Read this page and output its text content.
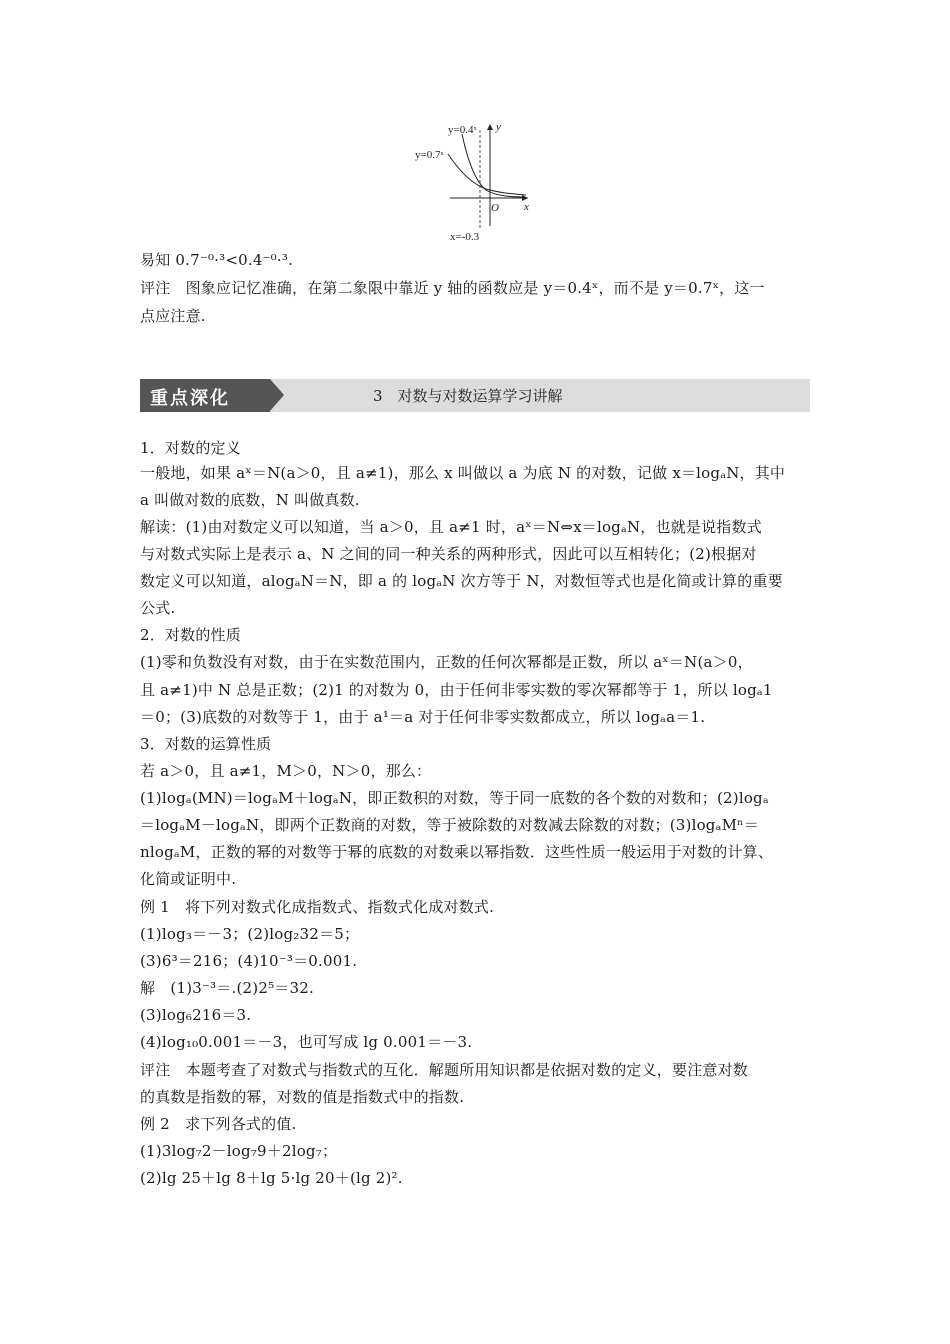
y=0.4ˣ
y=0.7ˣ
y
x
O
x=-0.3
易知 0.7⁻⁰·³<0.4⁻⁰·³.
评注　图象应记忆准确，在第二象限中靠近 y 轴的函数应是 y＝0.4ˣ，而不是 y＝0.7ˣ，这一
点应注意.
重点深化	3　对数与对数运算学习讲解
1．对数的定义
一般地，如果 aˣ＝N(a＞0，且 a≠1)，那么 x 叫做以 a 为底 N 的对数，记做 x＝logₐN，其中
a 叫做对数的底数，N 叫做真数.
解读：(1)由对数定义可以知道，当 a＞0，且 a≠1 时，aˣ＝N⇔x＝logₐN，也就是说指数式
与对数式实际上是表示 a、N 之间的同一种关系的两种形式，因此可以互相转化；(2)根据对
数定义可以知道，alogₐN＝N，即 a 的 logₐN 次方等于 N，对数恒等式也是化简或计算的重要
公式.
2．对数的性质
(1)零和负数没有对数，由于在实数范围内，正数的任何次幂都是正数，所以 aˣ＝N(a＞0，
且 a≠1)中 N 总是正数；(2)1 的对数为 0，由于任何非零实数的零次幂都等于 1，所以 logₐ1
＝0；(3)底数的对数等于 1，由于 a¹＝a 对于任何非零实数都成立，所以 logₐa＝1.
3．对数的运算性质
若 a＞0，且 a≠1，M＞0，N＞0，那么：
(1)logₐ(MN)＝logₐM＋logₐN，即正数积的对数，等于同一底数的各个数的对数和；(2)logₐ
＝logₐM－logₐN，即两个正数商的对数，等于被除数的对数减去除数的对数；(3)logₐMⁿ＝
nlogₐM，正数的幂的对数等于幂的底数的对数乘以幂指数．这些性质一般运用于对数的计算、
化简或证明中.
例 1　将下列对数式化成指数式、指数式化成对数式.
(1)log₃＝－3；(2)log₂32＝5；
(3)6³＝216；(4)10⁻³＝0.001.
解　(1)3⁻³＝.(2)2⁵＝32.
(3)log₆216＝3.
(4)log₁₀0.001＝－3，也可写成 lg 0.001＝－3.
评注　本题考查了对数式与指数式的互化．解题所用知识都是依据对数的定义，要注意对数
的真数是指数的幂，对数的值是指数式中的指数.
例 2　求下列各式的值.
(1)3log₇2－log₇9＋2log₇；
(2)lg 25＋lg 8＋lg 5·lg 20＋(lg 2)².
